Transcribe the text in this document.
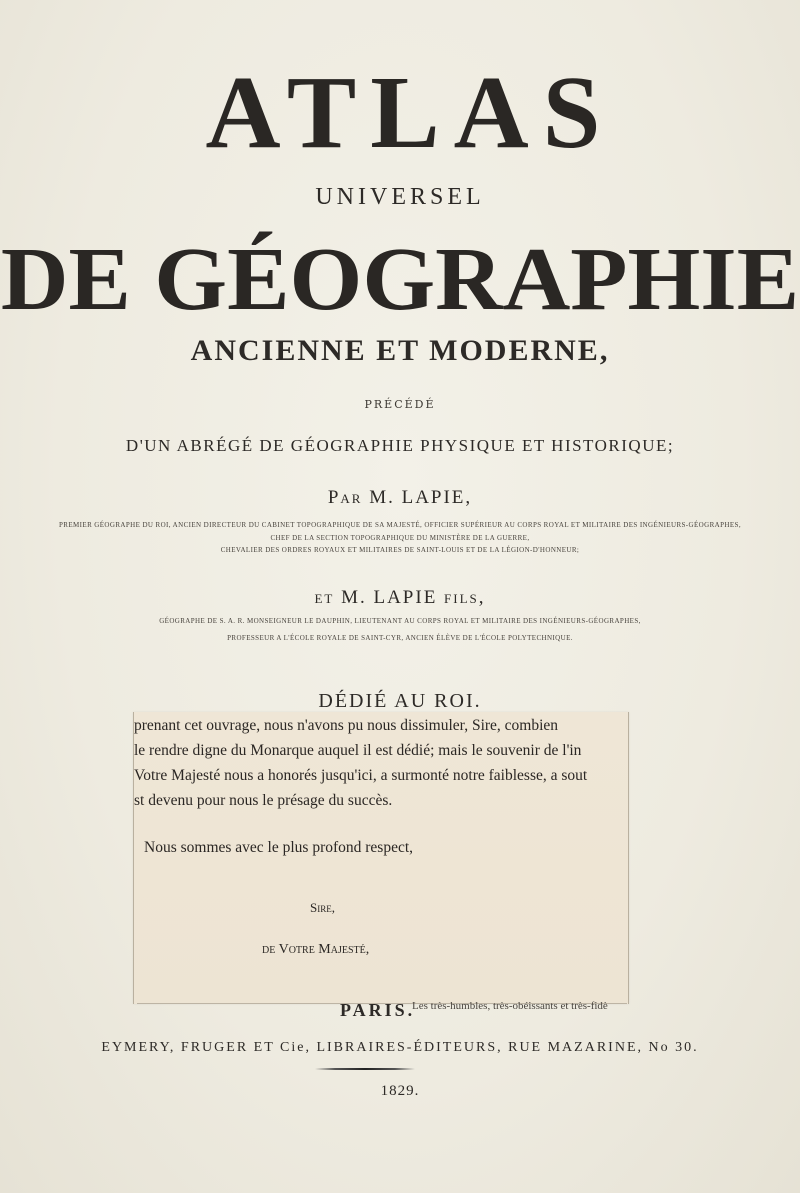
ATLAS
UNIVERSEL
DE GÉOGRAPHIE
ANCIENNE ET MODERNE,
PRÉCÉDÉ
D'UN ABRÉGÉ DE GÉOGRAPHIE PHYSIQUE ET HISTORIQUE;
Par M. LAPIE,
PREMIER GÉOGRAPHE DU ROI, ANCIEN DIRECTEUR DU CABINET TOPOGRAPHIQUE DE SA MAJESTÉ, OFFICIER SUPÉRIEUR AU CORPS ROYAL ET MILITAIRE DES INGÉNIEURS-GÉOGRAPHES,
CHEF DE LA SECTION TOPOGRAPHIQUE DU MINISTÈRE DE LA GUERRE,
CHEVALIER DES ORDRES ROYAUX ET MILITAIRES DE SAINT-LOUIS ET DE LA LÉGION-D'HONNEUR;
et M. LAPIE fils,
GÉOGRAPHE DE S. A. R. MONSEIGNEUR LE DAUPHIN, LIEUTENANT AU CORPS ROYAL ET MILITAIRE DES INGÉNIEURS-GÉOGRAPHES,
PROFESSEUR A L'ÉCOLE ROYALE DE SAINT-CYR, ANCIEN ÉLÈVE DE L'ÉCOLE POLYTECHNIQUE.
DÉDIÉ AU ROI.
prenant cet ouvrage, nous n'avons pu nous dissimuler, Sire, combien
le rendre digne du Monarque auquel il est dédié; mais le souvenir de l'in
Votre Majesté nous a honorés jusqu'ici, a surmonté notre faiblesse, a sout
st devenu pour nous le présage du succès.
Nous sommes avec le plus profond respect,
Sire,
de Votre Majesté,
PARIS.
Les très-humbles, très-obéissants et très-fidè
EYMERY, FRUGER ET Cie, LIBRAIRES-ÉDITEURS, RUE MAZARINE, No 30.
1829.
